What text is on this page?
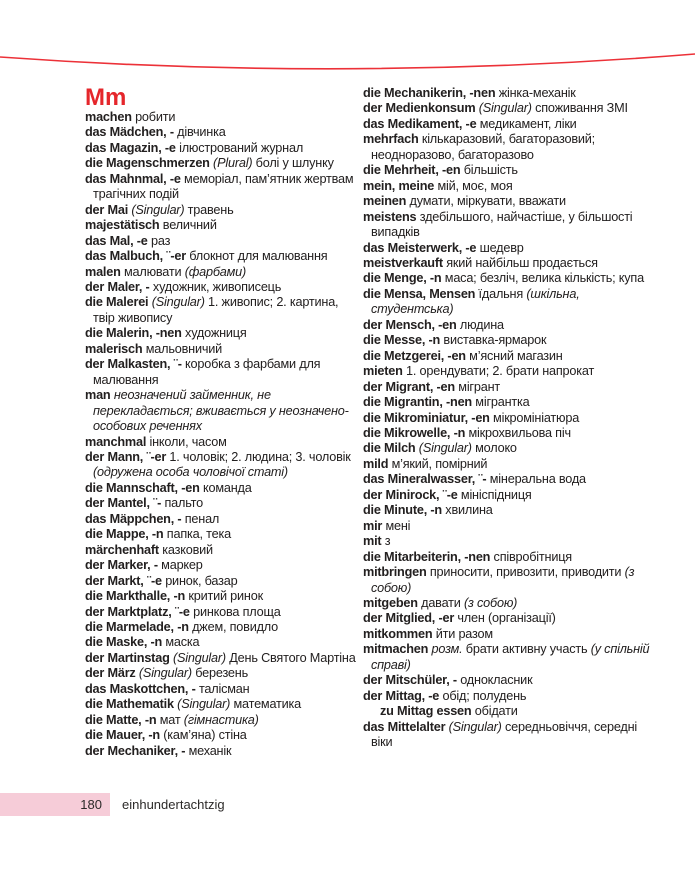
Mm
machen робити
das Mädchen, - дівчинка
das Magazin, -e ілюстрований журнал
die Magenschmerzen (Plural) болі у шлунку
das Mahnmal, -e меморіал, пам’ятник жертвам трагічних подій
der Mai (Singular) травень
majestätisch величний
das Mal, -e раз
das Malbuch, ¨-er блокнот для малювання
malen малювати (фарбами)
der Maler, - художник, живописець
die Malerei (Singular) 1. живопис; 2. картина, твір живопису
die Malerin, -nen художниця
malerisch мальовничий
der Malkasten, ¨- коробка з фарбами для малювання
man неозначений займенник, не перекладається; вживається у неозначено-особових реченнях
manchmal інколи, часом
der Mann, ¨-er 1. чоловік; 2. людина; 3. чоловік (одружена особа чоловічої статі)
die Mannschaft, -en команда
der Mantel, ¨- пальто
das Mäppchen, - пенал
die Mappe, -n папка, тека
märchenhaft казковий
der Marker, - маркер
der Markt, ¨-e ринок, базар
die Markthalle, -n критий ринок
der Marktplatz, ¨-e ринкова площа
die Marmelade, -n джем, повидло
die Maske, -n маска
der Martinstag (Singular) День Святого Мартіна
der März (Singular) березень
das Maskottchen, - талісман
die Mathematik (Singular) математика
die Matte, -n мат (гімнастика)
die Mauer, -n (кам’яна) стіна
der Mechaniker, - механік
die Mechanikerin, -nen жінка-механік
der Medienkonsum (Singular) споживання ЗМІ
das Medikament, -e медикамент, ліки
mehrfach кількаразовий, багаторазовий; неодноразово, багаторазово
die Mehrheit, -en більшість
mein, meine мій, моє, моя
meinen думати, міркувати, вважати
meistens здебільшого, найчастіше, у більшості випадків
das Meisterwerk, -e шедевр
meistverkauft який найбільш продається
die Menge, -n маса; безліч, велика кількість; купа
die Mensa, Mensen їдальня (шкільна, студентська)
der Mensch, -en людина
die Messe, -n виставка-ярмарок
die Metzgerei, -en м’ясний магазин
mieten 1. орендувати; 2. брати напрокат
der Migrant, -en мігрант
die Migrantin, -nen мігрантка
die Mikrominiatur, -en мікромініатюра
die Mikrowelle, -n мікрохвильова піч
die Milch (Singular) молоко
mild м’який, помірний
das Mineralwasser, ¨- мінеральна вода
der Minirock, ¨-e мініспідниця
die Minute, -n хвилина
mir мені
mit з
die Mitarbeiterin, -nen співробітниця
mitbringen приносити, привозити, приводити (з собою)
mitgeben давати (з собою)
der Mitglied, -er член (організації)
mitkommen йти разом
mitmachen розм. брати активну участь (у спільній справі)
der Mitschüler, - однокласник
der Mittag, -e обід; полудень
zu Mittag essen обідати
das Mittelalter (Singular) середньовіччя, середні віки
180 einhundertachtzig
